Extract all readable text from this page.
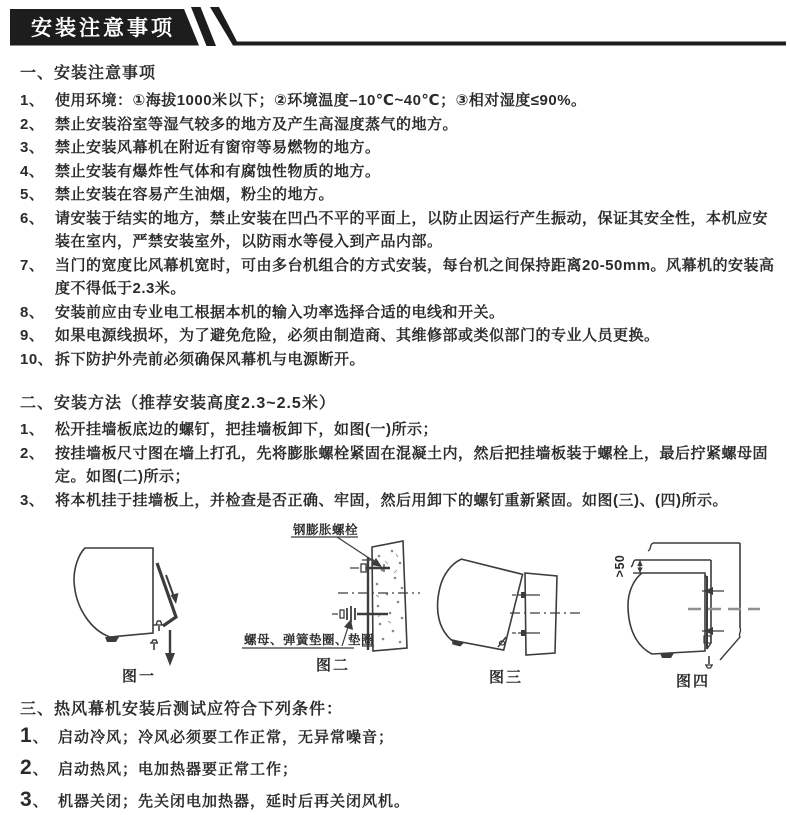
安装注意事项
一、安装注意事项
1、 使用环境：①海拔1000米以下；②环境温度–10℃~40℃；③相对湿度≤90%。
2、 禁止安装浴室等湿气较多的地方及产生高湿度蒸气的地方。
3、 禁止安装风幕机在附近有窗帘等易燃物的地方。
4、 禁止安装有爆炸性气体和有腐蚀性物质的地方。
5、 禁止安装在容易产生油烟，粉尘的地方。
6、 请安装于结实的地方，禁止安装在凹凸不平的平面上，以防止因运行产生振动，保证其安全性，本机应安装在室内，严禁安装室外，以防雨水等侵入到产品内部。
7、 当门的宽度比风幕机宽时，可由多台机组合的方式安装，每台机之间保持距离20-50mm。风幕机的安装高度不得低于2.3米。
8、 安装前应由专业电工根据本机的输入功率选择合适的电线和开关。
9、 如果电源线损坏，为了避免危险，必须由制造商、其维修部或类似部门的专业人员更换。
10、 拆下防护外壳前必须确保风幕机与电源断开。
二、安装方法（推荐安装高度2.3~2.5米）
1、 松开挂墙板底边的螺钉，把挂墙板卸下，如图(一)所示；
2、 按挂墙板尺寸图在墙上打孔，先将膨胀螺栓紧固在混凝土内，然后把挂墙板装于螺栓上，最后拧紧螺母固定。如图(二)所示；
3、 将本机挂于挂墙板上，并检查是否正确、牢固，然后用卸下的螺钉重新紧固。如图(三)、(四)所示。
图一
钢膨胀螺栓
螺母、弹簧垫圈、垫圈
图二
图三
>50
图四
三、热风幕机安装后测试应符合下列条件：
1、 启动冷风；冷风必须要工作正常，无异常噪音；
2、 启动热风；电加热器要正常工作；
3、 机器关闭；先关闭电加热器，延时后再关闭风机。
